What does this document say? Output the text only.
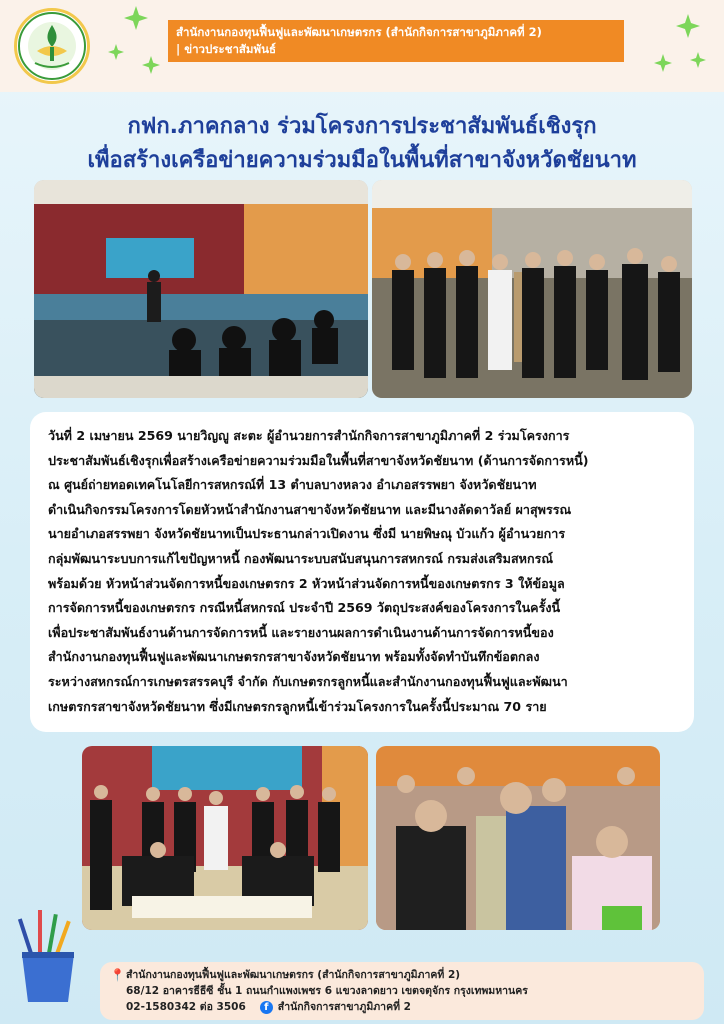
สำนักงานกองทุนฟื้นฟูและพัฒนาเกษตรกร (สำนักกิจการสาขาภูมิภาคที่ 2)
| ข่าวประชาสัมพันธ์
กฟก.ภาคกลาง ร่วมโครงการประชาสัมพันธ์เชิงรุก
เพื่อสร้างเครือข่ายความร่วมมือในพื้นที่สาขาจังหวัดชัยนาท
วันที่ 2 เมษายน 2569 นายวิญญู สะตะ ผู้อำนวยการสำนักกิจการสาขาภูมิภาคที่ 2 ร่วมโครงการ
ประชาสัมพันธ์เชิงรุกเพื่อสร้างเครือข่ายความร่วมมือในพื้นที่สาขาจังหวัดชัยนาท (ด้านการจัดการหนี้)
ณ ศูนย์ถ่ายทอดเทคโนโลยีการสหกรณ์ที่ 13 ตำบลบางหลวง อำเภอสรรพยา จังหวัดชัยนาท
ดำเนินกิจกรรมโครงการโดยหัวหน้าสำนักงานสาขาจังหวัดชัยนาท และมีนางลัดดาวัลย์ ผาสุพรรณ
นายอำเภอสรรพยา จังหวัดชัยนาทเป็นประธานกล่าวเปิดงาน ซึ่งมี นายพิษณุ บัวแก้ว ผู้อำนวยการ
กลุ่มพัฒนาระบบการแก้ไขปัญหาหนี้ กองพัฒนาระบบสนับสนุนการสหกรณ์ กรมส่งเสริมสหกรณ์
พร้อมด้วย หัวหน้าส่วนจัดการหนี้ของเกษตรกร 2 หัวหน้าส่วนจัดการหนี้ของเกษตรกร 3 ให้ข้อมูล
การจัดการหนี้ของเกษตรกร กรณีหนี้สหกรณ์ ประจำปี 2569 วัตถุประสงค์ของโครงการในครั้งนี้
เพื่อประชาสัมพันธ์งานด้านการจัดการหนี้ และรายงานผลการดำเนินงานด้านการจัดการหนี้ของ
สำนักงานกองทุนฟื้นฟูและพัฒนาเกษตรกรสาขาจังหวัดชัยนาท พร้อมทั้งจัดทำบันทึกข้อตกลง
ระหว่างสหกรณ์การเกษตรสรรคบุรี จำกัด กับเกษตรกรลูกหนี้และสำนักงานกองทุนฟื้นฟูและพัฒนา
เกษตรกรสาขาจังหวัดชัยนาท ซึ่งมีเกษตรกรลูกหนี้เข้าร่วมโครงการในครั้งนี้ประมาณ 70 ราย
📍 สำนักงานกองทุนฟื้นฟูและพัฒนาเกษตรกร (สำนักกิจการสาขาภูมิภาคที่ 2)
68/12 อาคารธีธีซี ชั้น 1 ถนนกำแพงเพชร 6 แขวงลาดยาว เขตจตุจักร กรุงเทพมหานคร
02-1580342 ต่อ 3506	f สำนักกิจการสาขาภูมิภาคที่ 2
